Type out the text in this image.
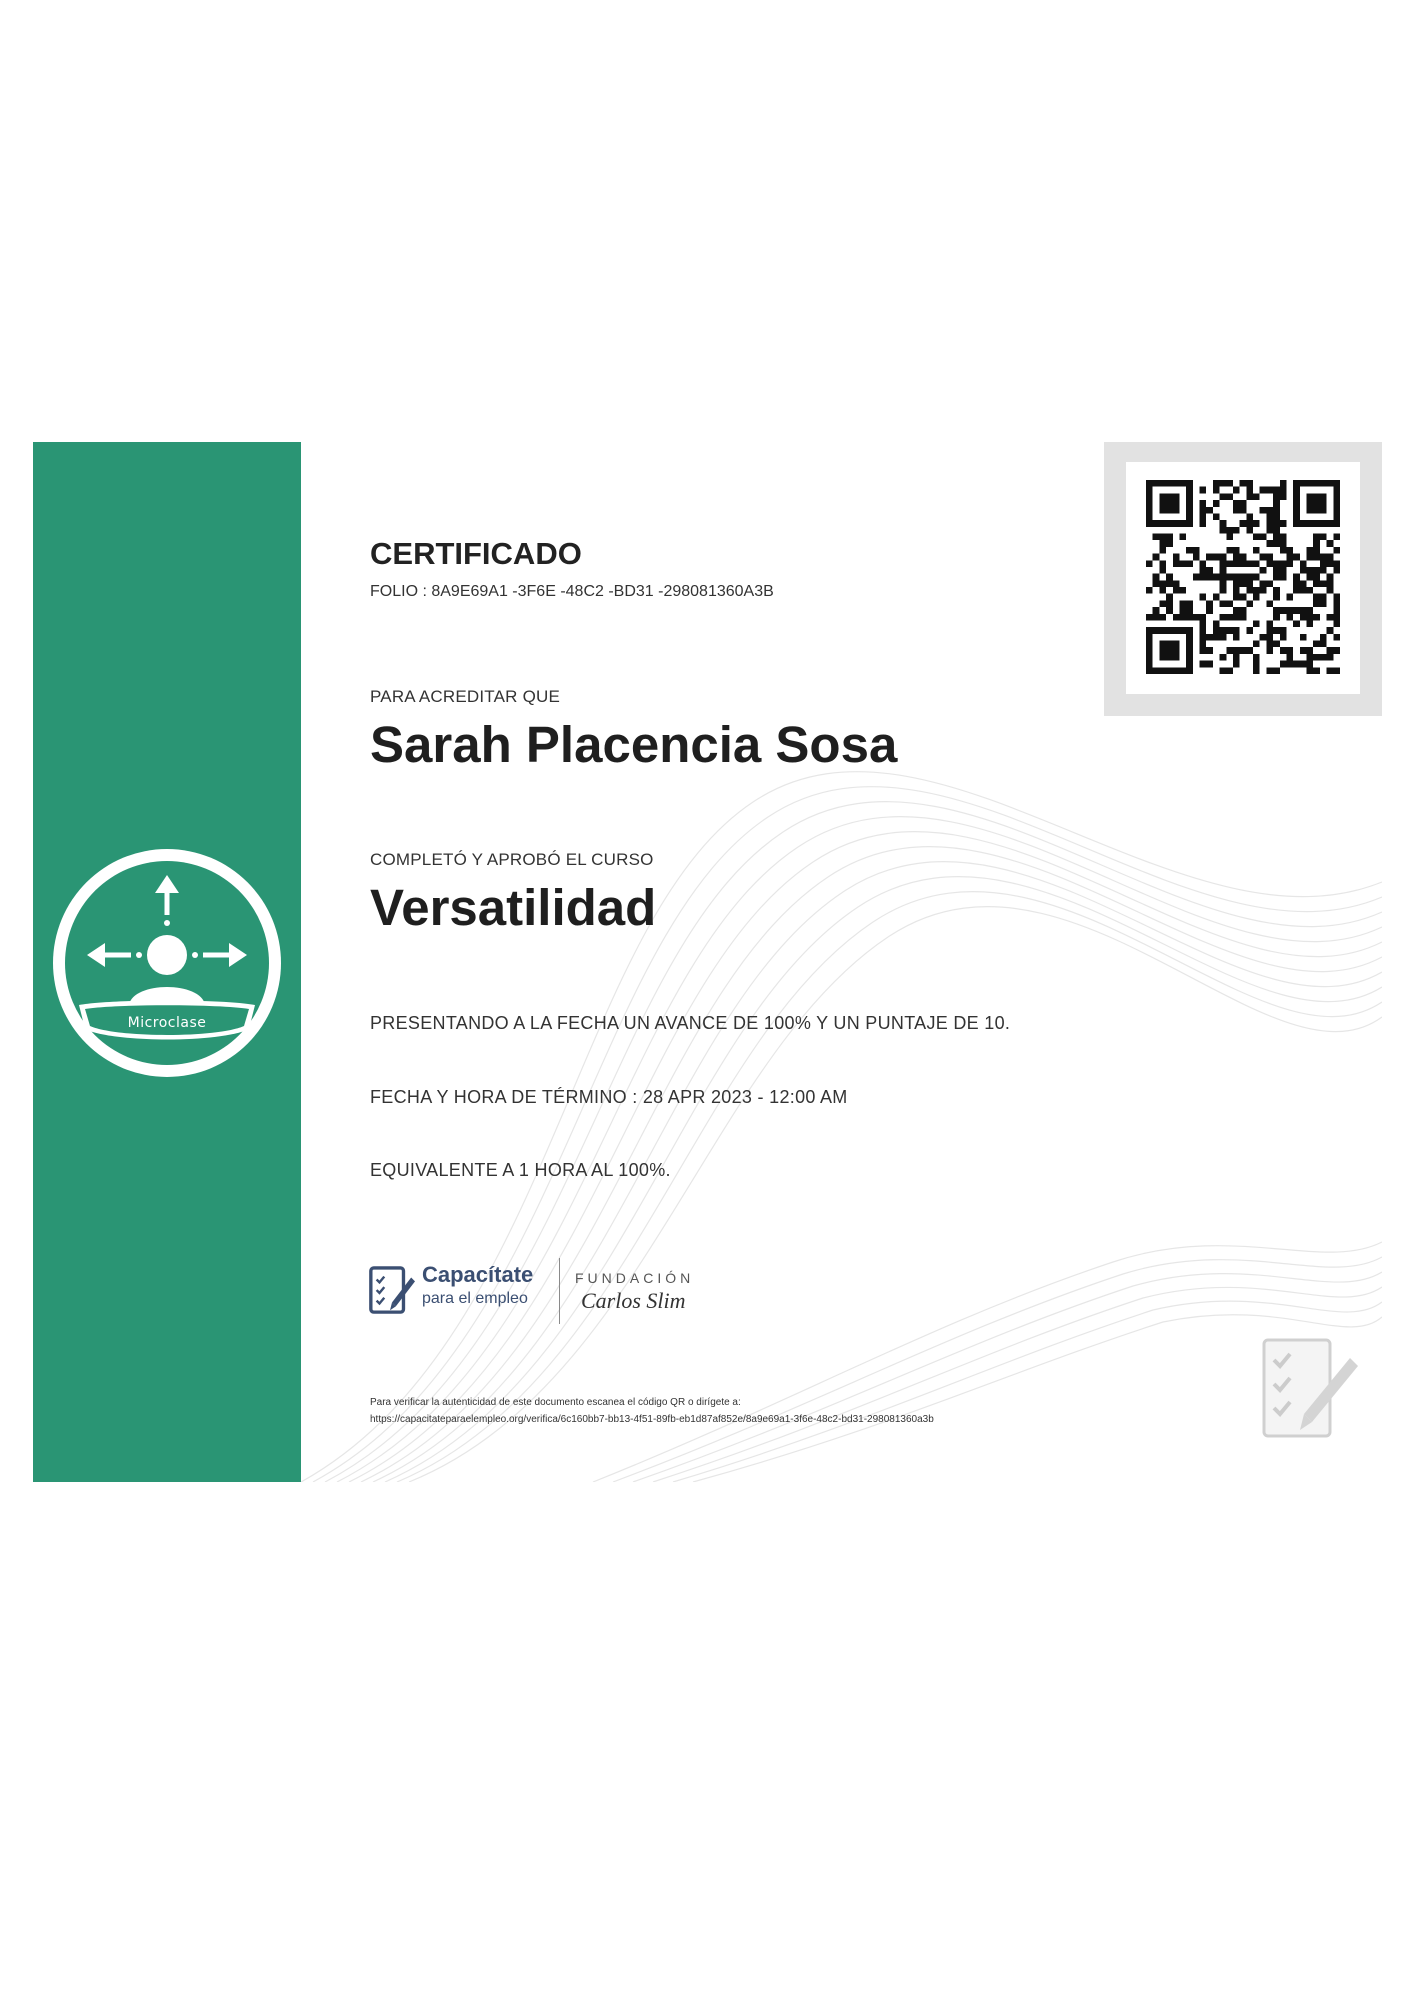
Microclase
CERTIFICADO
FOLIO : 8A9E69A1 -3F6E -48C2 -BD31 -298081360A3B
PARA ACREDITAR QUE
Sarah Placencia Sosa
COMPLETÓ Y APROBÓ EL CURSO
Versatilidad
PRESENTANDO A LA FECHA UN AVANCE DE 100% Y UN PUNTAJE DE 10.
FECHA Y HORA DE TÉRMINO : 28 APR 2023 - 12:00 AM
EQUIVALENTE A 1 HORA AL 100%.
Capacítate
para el empleo
FUNDACIÓN
Carlos Slim
Para verificar la autenticidad de este documento escanea el código QR o dirígete a:
https://capacitateparaelempleo.org/verifica/6c160bb7-bb13-4f51-89fb-eb1d87af852e/8a9e69a1-3f6e-48c2-bd31-298081360a3b
